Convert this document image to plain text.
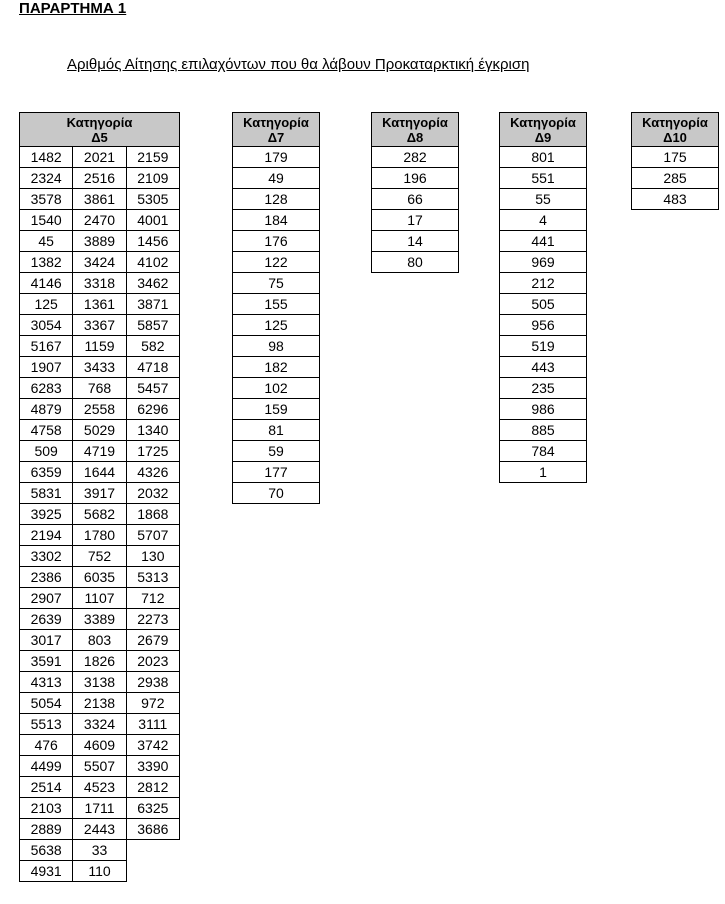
ΠΑΡΑΡΤΗΜΑ 1
Αριθμός Αίτησης επιλαχόντων που θα λάβουν Προκαταρκτική έγκριση
Κατηγορία
Δ5		
1482	2021	2159
2324	2516	2109
3578	3861	5305
1540	2470	4001
45	3889	1456
1382	3424	4102
4146	3318	3462
125	1361	3871
3054	3367	5857
5167	1159	582
1907	3433	4718
6283	768	5457
4879	2558	6296
4758	5029	1340
509	4719	1725
6359	1644	4326
5831	3917	2032
3925	5682	1868
2194	1780	5707
3302	752	130
2386	6035	5313
2907	1107	712
2639	3389	2273
3017	803	2679
3591	1826	2023
4313	3138	2938
5054	2138	972
5513	3324	3111
476	4609	3742
4499	5507	3390
2514	4523	2812
2103	1711	6325
2889	2443	3686
5638	33	
4931	110	
Κατηγορία
Δ7
179
49
128
184
176
122
75
155
125
98
182
102
159
81
59
177
70
Κατηγορία
Δ8
282
196
66
17
14
80
Κατηγορία
Δ9
801
551
55
4
441
969
212
505
956
519
443
235
986
885
784
1
Κατηγορία
Δ10
175
285
483
